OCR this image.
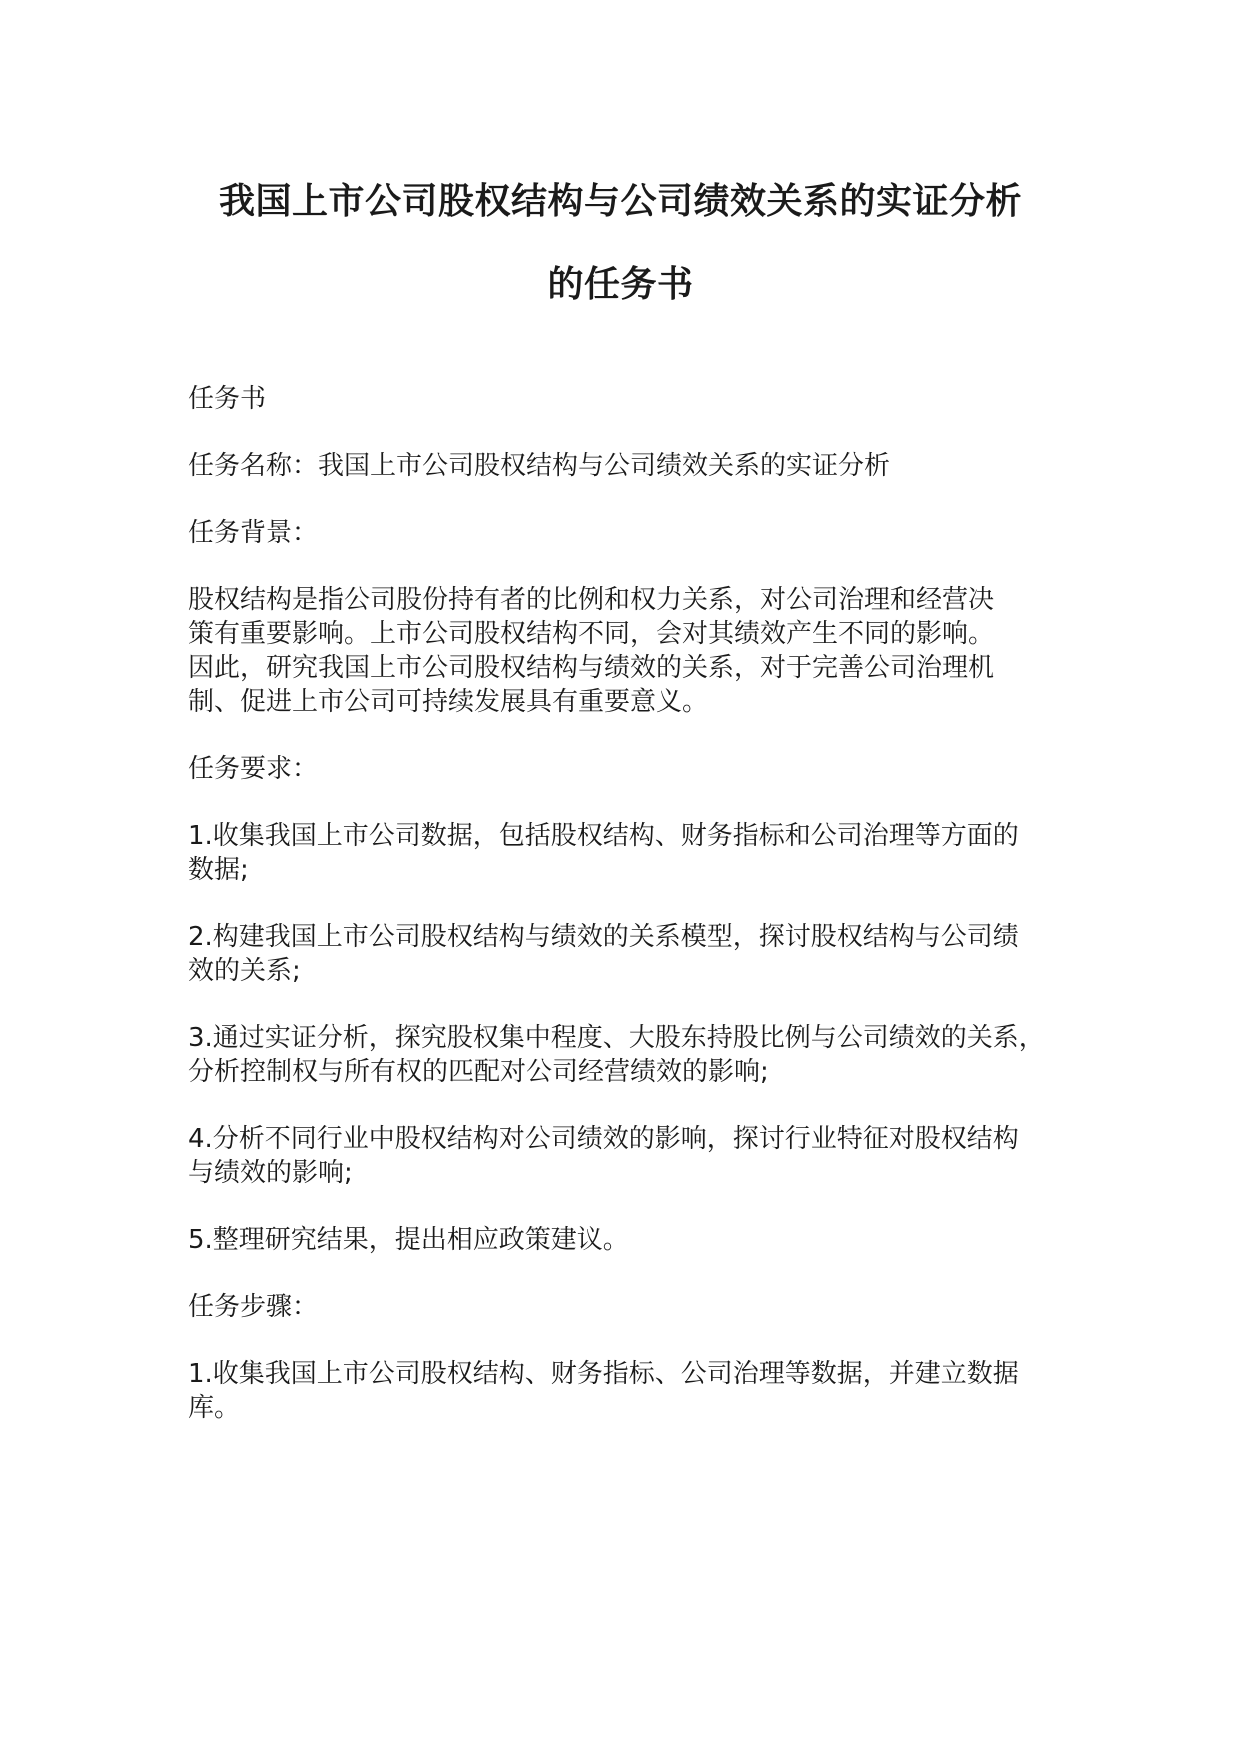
我国上市公司股权结构与公司绩效关系的实证分析
的任务书

任务书

任务名称：我国上市公司股权结构与公司绩效关系的实证分析

任务背景：

股权结构是指公司股份持有者的比例和权力关系，对公司治理和经营决
策有重要影响。上市公司股权结构不同，会对其绩效产生不同的影响。
因此，研究我国上市公司股权结构与绩效的关系，对于完善公司治理机
制、促进上市公司可持续发展具有重要意义。

任务要求：

1.收集我国上市公司数据，包括股权结构、财务指标和公司治理等方面的
数据;

2.构建我国上市公司股权结构与绩效的关系模型，探讨股权结构与公司绩
效的关系;

3.通过实证分析，探究股权集中程度、大股东持股比例与公司绩效的关系，
分析控制权与所有权的匹配对公司经营绩效的影响;

4.分析不同行业中股权结构对公司绩效的影响，探讨行业特征对股权结构
与绩效的影响;

5.整理研究结果，提出相应政策建议。

任务步骤：

1.收集我国上市公司股权结构、财务指标、公司治理等数据，并建立数据
库。
